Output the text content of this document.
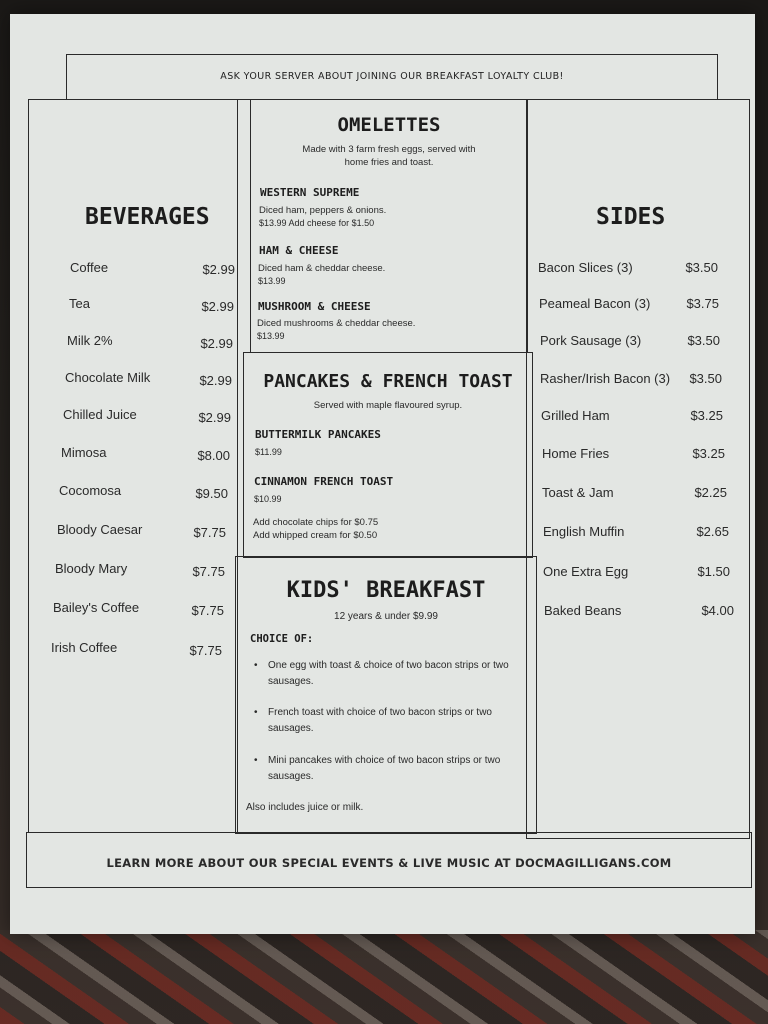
ASK YOUR SERVER ABOUT JOINING OUR BREAKFAST LOYALTY CLUB!
BEVERAGES
Coffee	$2.99
Tea	$2.99
Milk 2%	$2.99
Chocolate Milk	$2.99
Chilled Juice	$2.99
Mimosa	$8.00
Cocomosa	$9.50
Bloody Caesar	$7.75
Bloody Mary	$7.75
Bailey's Coffee	$7.75
Irish Coffee	$7.75
OMELETTES
Made with 3 farm fresh eggs, served with
home fries and toast.
WESTERN SUPREME
Diced ham, peppers & onions.
$13.99 Add cheese for $1.50
HAM & CHEESE
Diced ham & cheddar cheese.
$13.99
MUSHROOM & CHEESE
Diced mushrooms & cheddar cheese.
$13.99
PANCAKES & FRENCH TOAST
Served with maple flavoured syrup.
BUTTERMILK PANCAKES
$11.99
CINNAMON FRENCH TOAST
$10.99
Add chocolate chips for $0.75
Add whipped cream for $0.50
KIDS' BREAKFAST
12 years & under $9.99
CHOICE OF:
•	One egg with toast & choice of two bacon strips or two sausages.
•	French toast with choice of two bacon strips or two sausages.
•	Mini pancakes with choice of two bacon strips or two sausages.
Also includes juice or milk.
SIDES
Bacon Slices (3)	$3.50
Peameal Bacon (3)	$3.75
Pork Sausage (3)	$3.50
Rasher/Irish Bacon (3)	$3.50
Grilled Ham	$3.25
Home Fries	$3.25
Toast & Jam	$2.25
English Muffin	$2.65
One Extra Egg	$1.50
Baked Beans	$4.00
LEARN MORE ABOUT OUR SPECIAL EVENTS & LIVE MUSIC AT DOCMAGILLIGANS.COM
